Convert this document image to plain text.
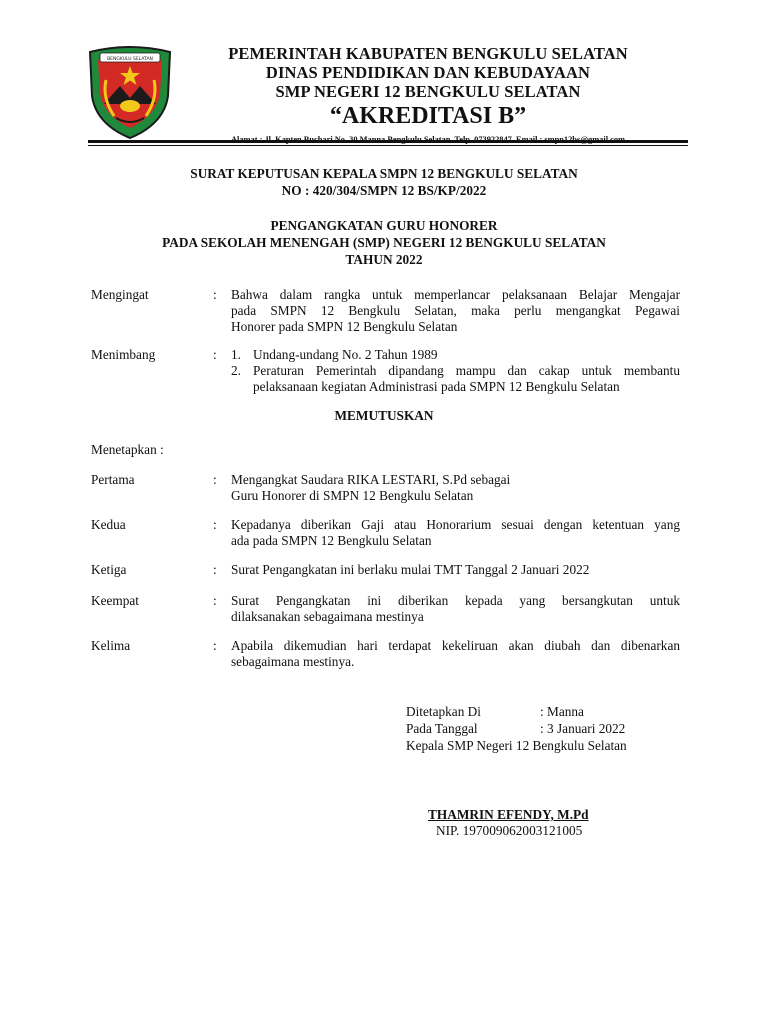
BENGKULU SELATAN	PEMERINTAH KABUPATEN BENGKULU SELATAN
DINAS PENDIDIKAN DAN KEBUDAYAAN
SMP NEGERI 12 BENGKULU SELATAN
“AKREDITASI B”
SURAT KEPUTUSAN KEPALA SMPN 12 BENGKULU SELATAN
NO : 420/304/SMPN 12 BS/KP/2022
PENGANGKATAN GURU HONORER
PADA SEKOLAH MENENGAH (SMP) NEGERI 12 BENGKULU SELATAN
TAHUN 2022
Mengingat	: Bahwa dalam rangka untuk memperlancar pelaksanaan Belajar Mengajar
pada SMPN 12 Bengkulu Selatan, maka perlu mengangkat Pegawai
Honorer pada SMPN 12 Bengkulu Selatan
Menimbang	: 1. Undang-undang No. 2 Tahun 1989
2. Peraturan Pemerintah dipandang mampu dan cakap untuk membantu
pelaksanaan kegiatan Administrasi pada SMPN 12 Bengkulu Selatan
MEMUTUSKAN
Menetapkan :
Pertama	: Mengangkat Saudara RIKA LESTARI, S.Pd sebagai
Guru Honorer di SMPN 12 Bengkulu Selatan
Kedua	: Kepadanya diberikan Gaji atau Honorarium sesuai dengan ketentuan yang
ada pada SMPN 12 Bengkulu Selatan
Ketiga	: Surat Pengangkatan ini berlaku mulai TMT Tanggal 2 Januari 2022
Keempat	: Surat Pengangkatan ini diberikan kepada yang bersangkutan untuk
dilaksanakan sebagaimana mestinya
Kelima	: Apabila dikemudian hari terdapat kekeliruan akan diubah dan dibenarkan
sebagaimana mestinya.
Ditetapkan Di	: Manna
Pada Tanggal	: 3 Januari 2022
Kepala SMP Negeri 12 Bengkulu Selatan
THAMRIN EFENDY, M.Pd
NIP. 197009062003121005
